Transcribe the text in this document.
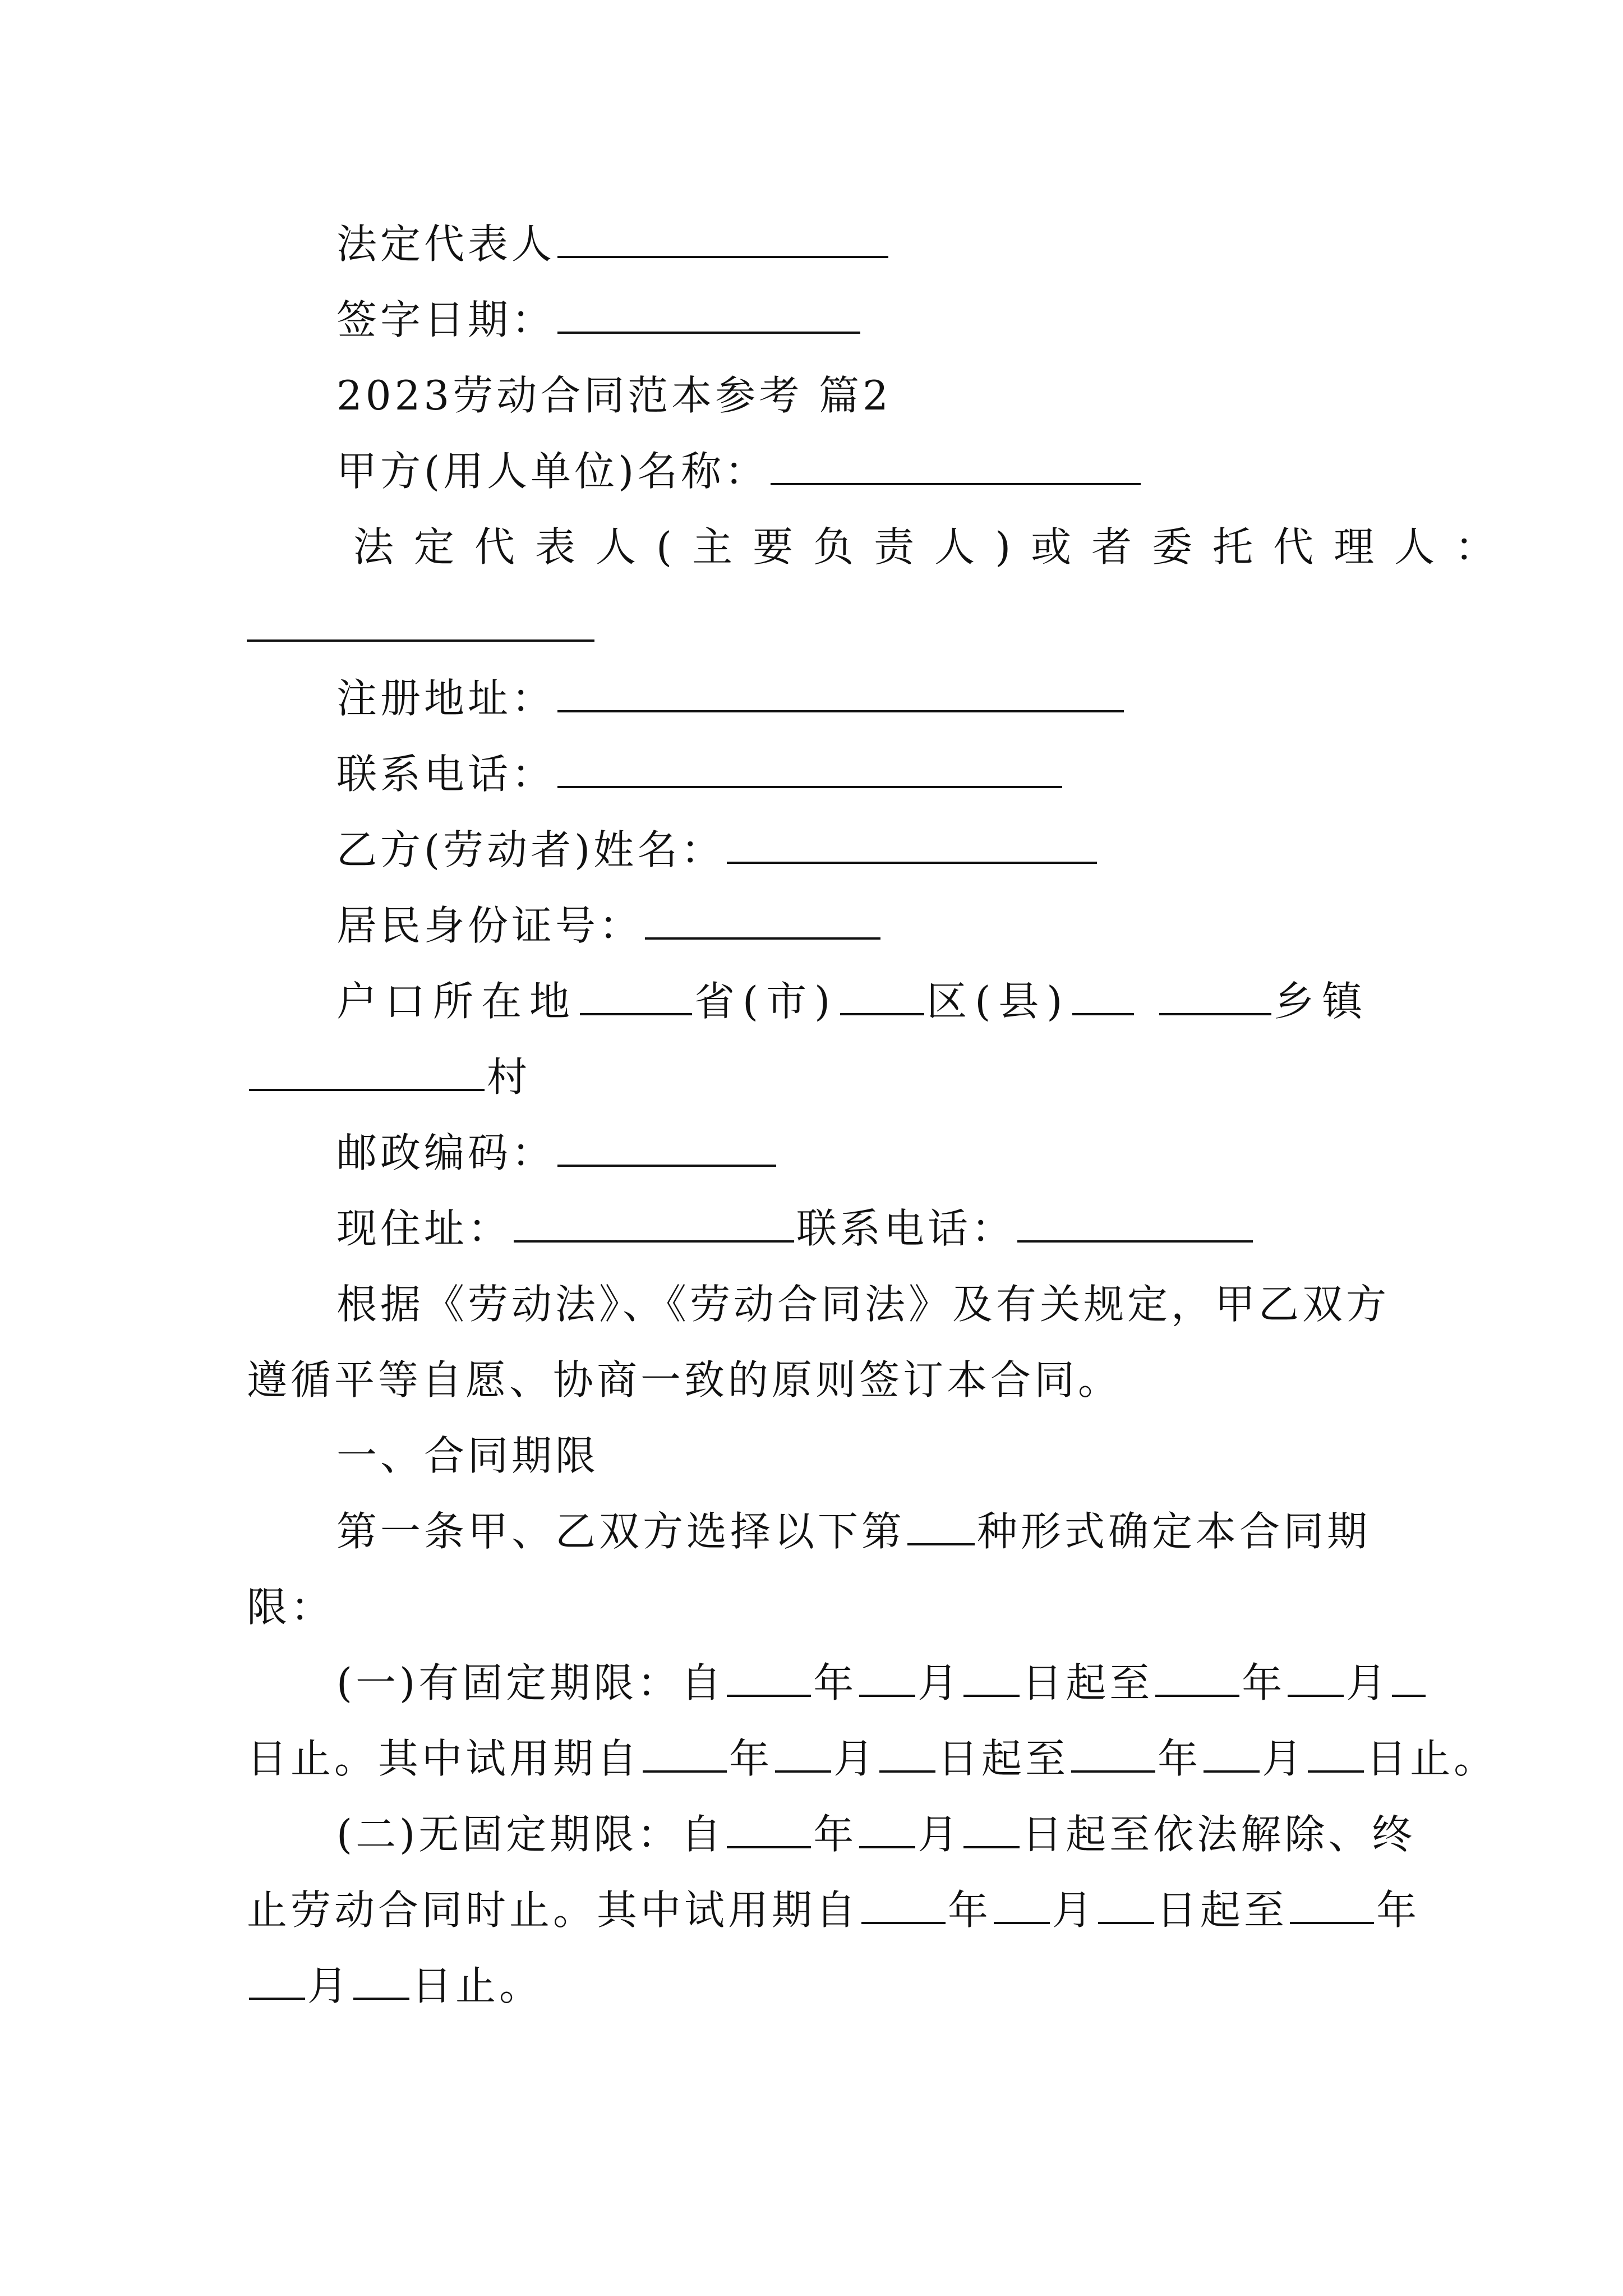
法定代表人
签字日期：
2023劳动合同范本参考 篇2
甲方(用人单位)名称：
法定代表人(主要负责人)或者委托代理人：
注册地址：
联系电话：
乙方(劳动者)姓名：
居民身份证号：
户口所在地	省(市) 区(县)	乡镇
村
邮政编码：
现住址：	联系电话：
根据《劳动法》、《劳动合同法》及有关规定，甲乙双方
遵循平等自愿、协商一致的原则签订本合同。
一、合同期限
第一条甲、乙双方选择以下第 种形式确定本合同期
限：
(一)有固定期限：自 年 月 日起至 年 月
日止。其中试用期自 年 月 日起至 年 月 日止。
(二)无固定期限：自 年 月 日起至依法解除、终
止劳动合同时止。其中试用期自 年 月 日起至 年
月 日止。
